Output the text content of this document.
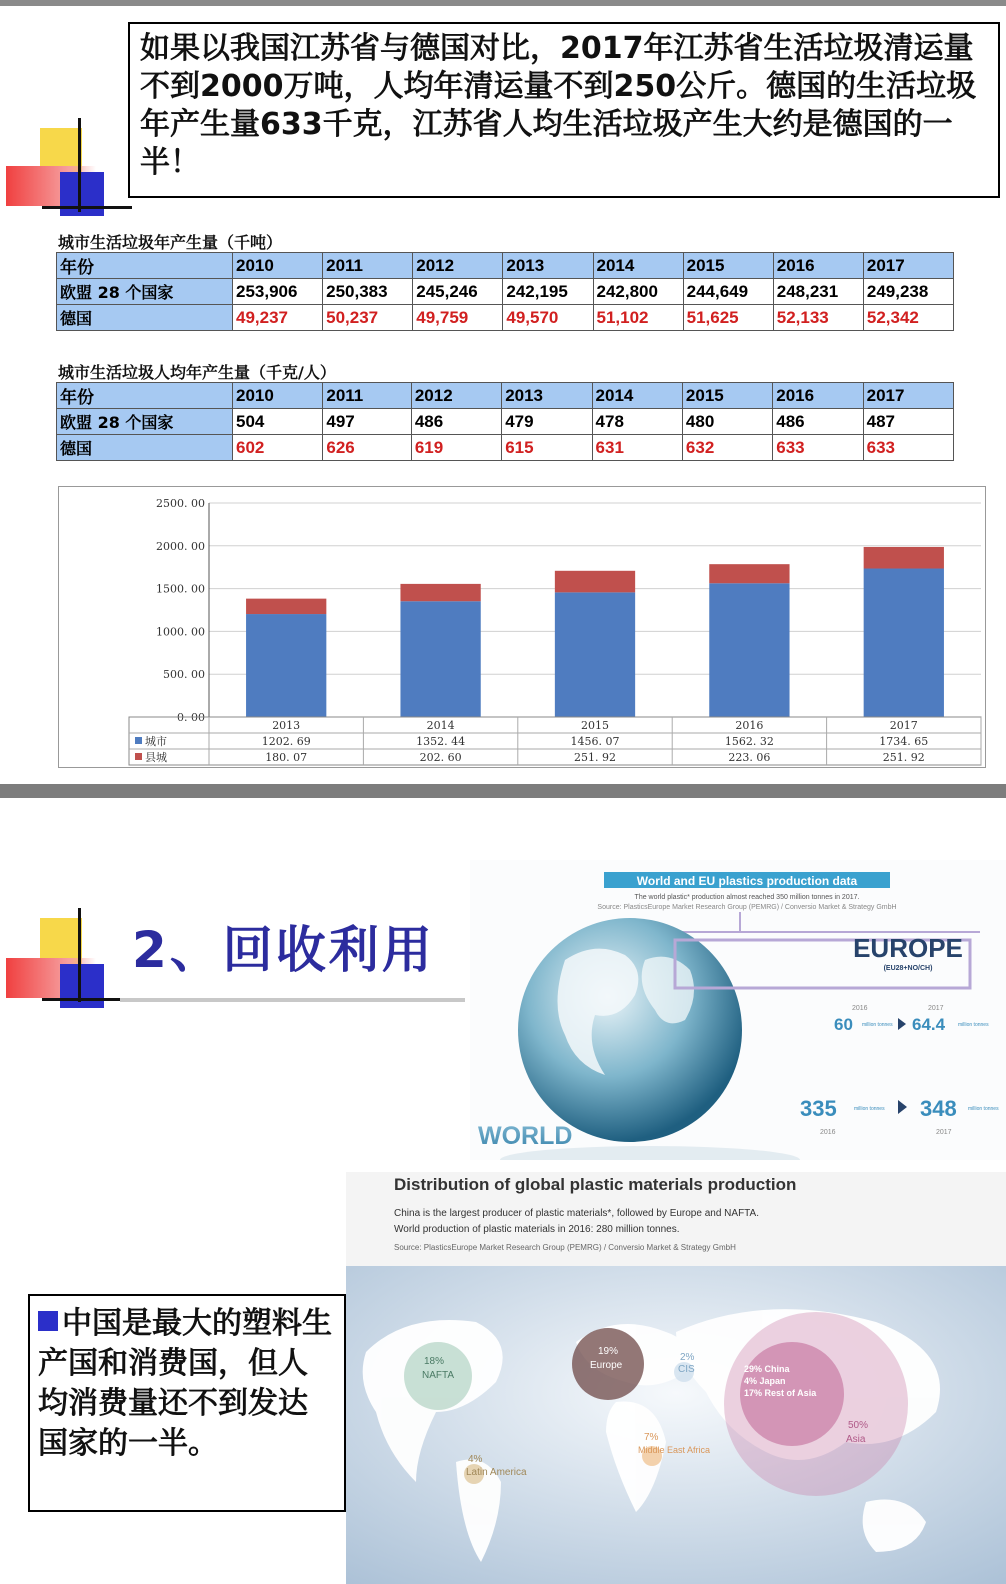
如果以我国江苏省与德国对比，2017年江苏省生活垃圾清运量不到2000万吨，人均年清运量不到250公斤。德国的生活垃圾年产生量633千克，江苏省人均生活垃圾产生大约是德国的一半！
城市生活垃圾年产生量（千吨）
年份	2010	2011	2012	2013	2014	2015	2016	2017
欧盟 28 个国家	253,906	250,383	245,246	242,195	242,800	244,649	248,231	249,238
德国	49,237	50,237	49,759	49,570	51,102	51,625	52,133	52,342
城市生活垃圾人均年产生量（千克/人）
年份	2010	2011	2012	2013	2014	2015	2016	2017
欧盟 28 个国家	504	497	486	479	478	480	486	487
德国	602	626	619	615	631	632	633	633
0. 00
500. 00
1000. 00
1500. 00
2000. 00
2500. 00
2013	2014	2015	2016	2017
城市	1202. 69	1352. 44	1456. 07	1562. 32	1734. 65
县城	180. 07	202. 60	251. 92	223. 06	251. 92
2、回收利用
World and EU plastics production data
The world plastic* production almost reached 350 million tonnes in 2017.
Source: PlasticsEurope Market Research Group (PEMRG) / Conversio Market & Strategy GmbH
EUROPE
(EU28+NO/CH)
2016	2017
60 million tonnes 64.4	million tonnes
335	million tonnes 348 million tonnes
2016	2017
WORLD
Distribution of global plastic materials production
China is the largest producer of plastic materials*, followed by Europe and NAFTA.
World production of plastic materials in 2016: 280 million tonnes.
Source: PlasticsEurope Market Research Group (PEMRG) / Conversio Market & Strategy GmbH
18%
NAFTA
19%
Europe
2%
CIS	29% China
4% Japan
17% Rest of Asia
50%
Asia
7%
Middle East Africa
4%
Latin America
中国是最大的塑料生产国和消费国，但人均消费量还不到发达国家的一半。
